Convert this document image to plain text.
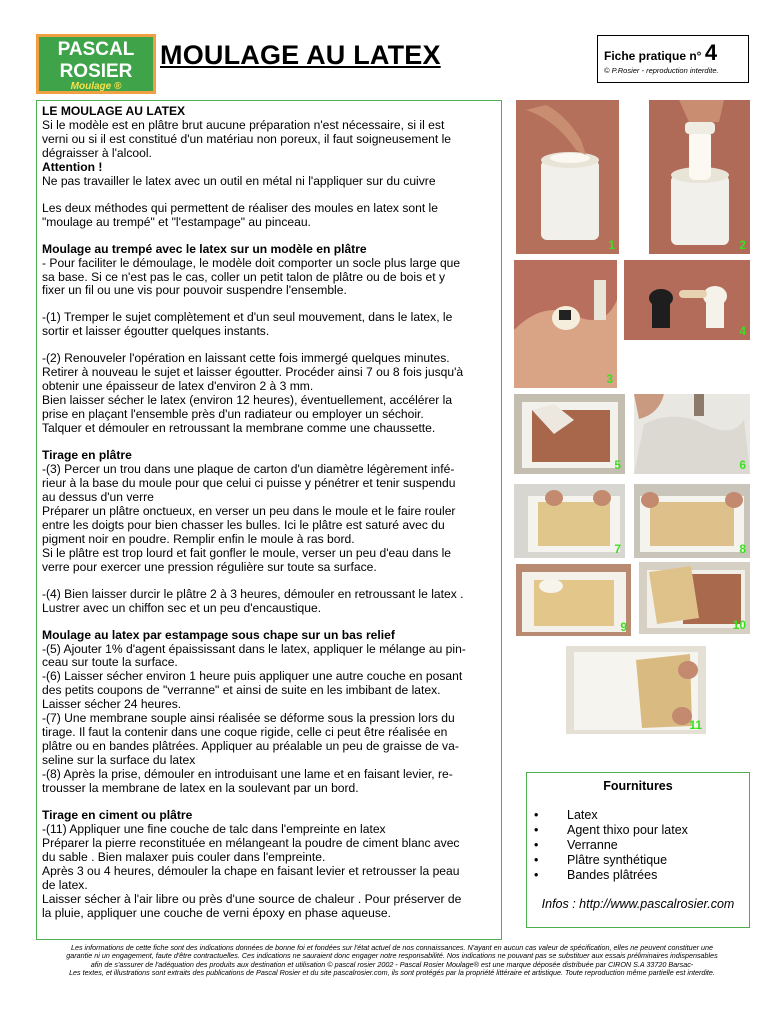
PASCAL
ROSIER
Moulage ®
MOULAGE AU LATEX	Fiche pratique n° 4
© P.Rosier - reproduction interdite.

LE MOULAGE AU LATEX

Si le modèle est en plâtre brut aucune préparation n'est nécessaire, si il est

verni ou si il est constitué d'un matériau non poreux, il faut soigneusement le

dégraisser à l'alcool.

Attention !

Ne pas travailler le latex avec un outil en métal ni l'appliquer sur du cuivre

Les deux méthodes qui permettent de réaliser des moules en latex sont le

"moulage au trempé" et "l'estampage" au pinceau.

Moulage au trempé avec le latex sur un modèle en plâtre

- Pour faciliter le démoulage, le modèle doit comporter un socle plus large que

sa base. Si ce n'est pas le cas, coller un petit talon de plâtre ou de bois et y

fixer un fil ou une vis pour pouvoir suspendre l'ensemble.

-(1) Tremper le sujet complètement et d'un seul mouvement, dans le latex, le

sortir et laisser égoutter quelques instants.

-(2) Renouveler l'opération en laissant cette fois immergé quelques minutes.

Retirer à nouveau le sujet et laisser égoutter. Procéder ainsi 7 ou 8 fois jusqu'à

obtenir une épaisseur de latex d'environ 2 à 3 mm.

Bien laisser sécher le latex (environ 12 heures), éventuellement, accélérer la

prise en plaçant l'ensemble près d'un radiateur ou employer un séchoir.

Talquer et démouler en retroussant la membrane comme une chaussette.

Tirage en plâtre

-(3) Percer un trou dans une plaque de carton d'un diamètre légèrement infé-

rieur à la base du moule pour que celui ci puisse y pénétrer et tenir suspendu

au dessus d'un verre

Préparer un plâtre onctueux, en verser un peu dans le moule et le faire rouler

entre les doigts pour bien chasser les bulles. Ici le plâtre est saturé avec du

pigment noir en poudre. Remplir enfin le moule à ras bord.

Si le plâtre est trop lourd et fait gonfler le moule, verser un peu d'eau dans le

verre pour exercer une pression régulière sur toute sa surface.

-(4) Bien laisser durcir le plâtre 2 à 3 heures, démouler en retroussant le latex .

Lustrer avec un chiffon sec et un peu d'encaustique.

Moulage au latex par estampage sous chape sur un bas relief

-(5) Ajouter 1% d'agent épaississant dans le latex, appliquer le mélange au pin-

ceau sur toute la surface.

-(6) Laisser sécher environ 1 heure puis appliquer une autre couche en posant

des petits coupons de "verranne" et ainsi de suite en les imbibant de latex.

Laisser sécher 24 heures.

-(7) Une membrane souple ainsi réalisée se déforme sous la pression lors du

tirage. Il faut la contenir dans une coque rigide, celle ci peut être réalisée en

plâtre ou en bandes plâtrées. Appliquer au préalable un peu de graisse de va-

seline sur la surface du latex

-(8) Après la prise, démouler en introduisant une lame et en faisant levier, re-

trousser la membrane de latex en la soulevant par un bord.

Tirage en ciment ou plâtre

-(11) Appliquer une fine couche de talc dans l'empreinte en latex

Préparer la pierre reconstituée en mélangeant la poudre de ciment blanc avec

du sable . Bien malaxer puis couler dans l'empreinte.

Après 3 ou 4 heures, démouler la chape en faisant levier et retrousser la peau

de latex.

Laisser sécher à l'air libre ou près d'une source de chaleur . Pour préserver de

la pluie, appliquer une couche de verni époxy en phase aqueuse.

1	2
3
4
5	6
7	8
9	10
11
Fournitures
• Latex
• Agent thixo pour latex
• Verranne
• Plâtre synthétique
• Bandes plâtrées
Infos : http://www.pascalrosier.com

Les informations de cette fiche sont des indications données de bonne foi et fondées sur l'état actuel de nos connaissances. N'ayant en aucun cas valeur de spécification, elles ne peuvent constituer une

garantie ni un engagement, faute d'être contractuelles. Ces indications ne sauraient donc engager notre responsabilité. Nos indications ne pouvant pas se substituer aux essais préliminaires indispensables

afin de s'assurer de l'adéquation des produits aux destination et utilisation © pascal rosier 2002 - Pascal Rosier Moulage® est une marque déposée distribuée par CIRON S.A 33720 Barsac-

Les textes, et illustrations sont extraits des publications de Pascal Rosier et du site pascalrosier.com, ils sont protégés par la propriété littéraire et artistique. Toute reproduction même partielle est interdite.
